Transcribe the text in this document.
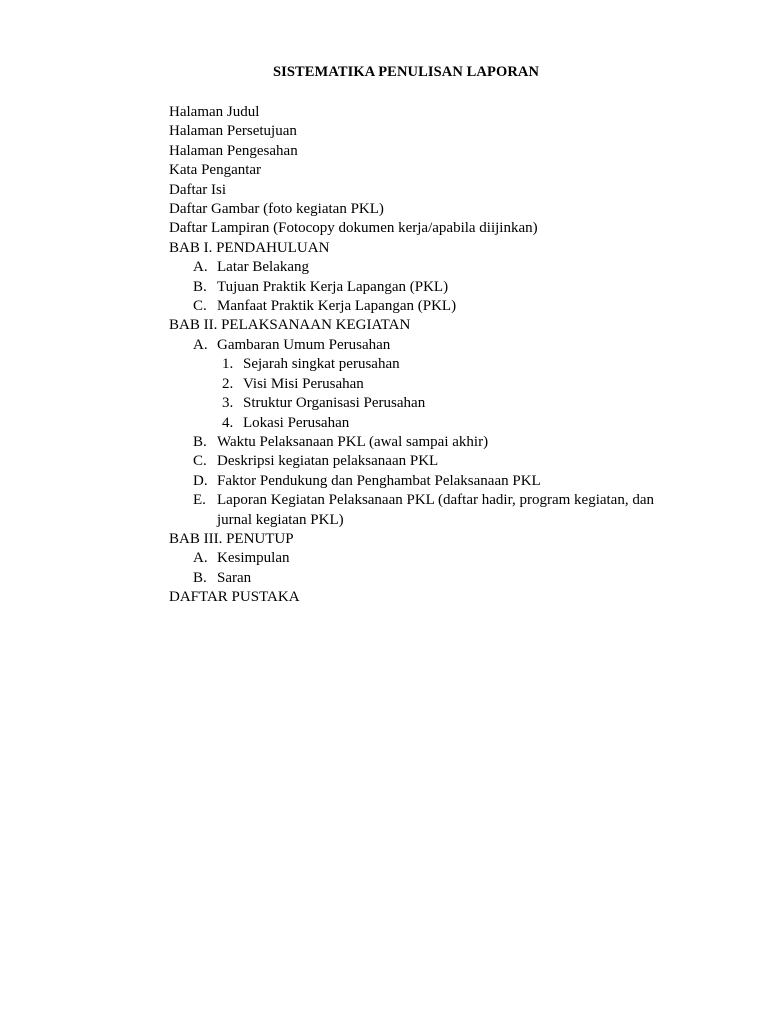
SISTEMATIKA PENULISAN LAPORAN
Halaman Judul
Halaman Persetujuan
Halaman Pengesahan
Kata Pengantar
Daftar Isi
Daftar Gambar (foto kegiatan PKL)
Daftar Lampiran (Fotocopy dokumen kerja/apabila diijinkan)
BAB I. PENDAHULUAN
A. Latar Belakang
B. Tujuan Praktik Kerja Lapangan (PKL)
C. Manfaat Praktik Kerja Lapangan (PKL)
BAB II. PELAKSANAAN KEGIATAN
A. Gambaran Umum Perusahan
1. Sejarah singkat perusahan
2. Visi Misi Perusahan
3. Struktur Organisasi Perusahan
4. Lokasi Perusahan
B. Waktu Pelaksanaan PKL (awal sampai akhir)
C. Deskripsi kegiatan pelaksanaan PKL
D. Faktor Pendukung dan Penghambat Pelaksanaan PKL
E. Laporan Kegiatan Pelaksanaan PKL (daftar hadir, program kegiatan, dan jurnal kegiatan PKL)
BAB III. PENUTUP
A. Kesimpulan
B. Saran
DAFTAR PUSTAKA
